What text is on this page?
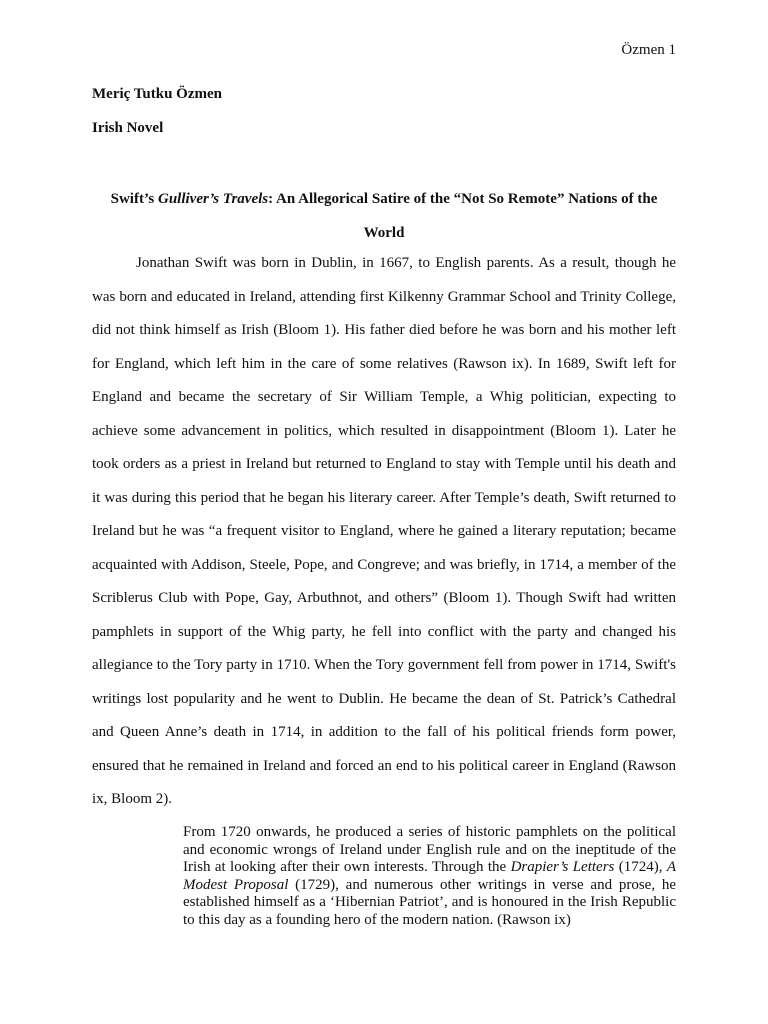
Özmen 1
Meriç Tutku Özmen
Irish Novel
Swift’s Gulliver’s Travels: An Allegorical Satire of the “Not So Remote” Nations of the World

Jonathan Swift was born in Dublin, in 1667, to English parents. As a result, though he was born and educated in Ireland, attending first Kilkenny Grammar School and Trinity College, did not think himself as Irish (Bloom 1). His father died before he was born and his mother left for England, which left him in the care of some relatives (Rawson ix). In 1689, Swift left for England and became the secretary of Sir William Temple, a Whig politician, expecting to achieve some advancement in politics, which resulted in disappointment (Bloom 1). Later he took orders as a priest in Ireland but returned to England to stay with Temple until his death and it was during this period that he began his literary career. After Temple’s death, Swift returned to Ireland but he was “a frequent visitor to England, where he gained a literary reputation; became acquainted with Addison, Steele, Pope, and Congreve; and was briefly, in 1714, a member of the Scriblerus Club with Pope, Gay, Arbuthnot, and others” (Bloom 1). Though Swift had written pamphlets in support of the Whig party, he fell into conflict with the party and changed his allegiance to the Tory party in 1710. When the Tory government fell from power in 1714, Swift's writings lost popularity and he went to Dublin. He became the dean of St. Patrick’s Cathedral and Queen Anne’s death in 1714, in addition to the fall of his political friends form power, ensured that he remained in Ireland and forced an end to his political career in England (Rawson ix, Bloom 2).

From 1720 onwards, he produced a series of historic pamphlets on the political and economic wrongs of Ireland under English rule and on the ineptitude of the Irish at looking after their own interests. Through the Drapier’s Letters (1724), A Modest Proposal (1729), and numerous other writings in verse and prose, he established himself as a ‘Hibernian Patriot’, and is honoured in the Irish Republic to this day as a founding hero of the modern nation. (Rawson ix)
